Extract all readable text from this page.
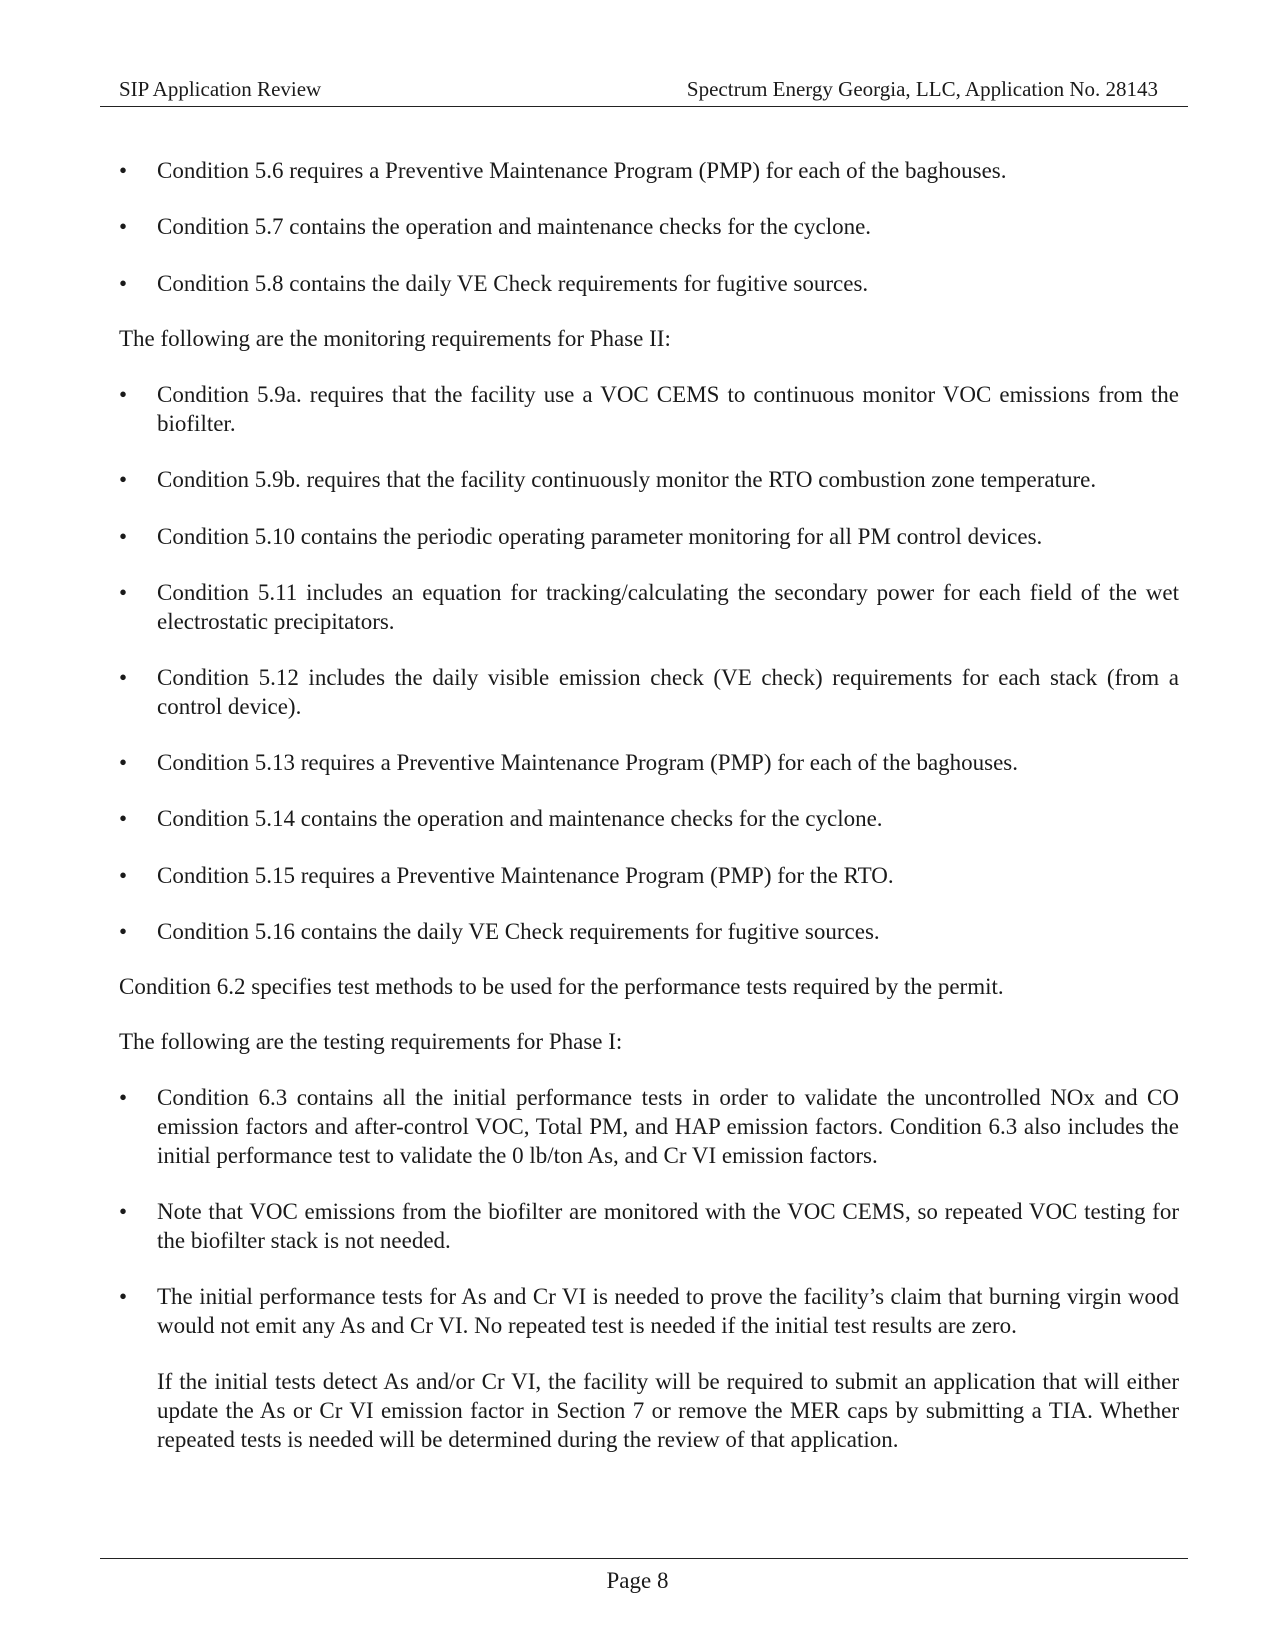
SIP Application Review	Spectrum Energy Georgia, LLC, Application No. 28143
•	Condition 5.6 requires a Preventive Maintenance Program (PMP) for each of the baghouses.
•	Condition 5.7 contains the operation and maintenance checks for the cyclone.
•	Condition 5.8 contains the daily VE Check requirements for fugitive sources.

The following are the monitoring requirements for Phase II:

•	Condition 5.9a. requires that the facility use a VOC CEMS to continuous monitor VOC emissions from the biofilter.
•	Condition 5.9b. requires that the facility continuously monitor the RTO combustion zone temperature.
•	Condition 5.10 contains the periodic operating parameter monitoring for all PM control devices.
•	Condition 5.11 includes an equation for tracking/calculating the secondary power for each field of the wet electrostatic precipitators.
•	Condition 5.12 includes the daily visible emission check (VE check) requirements for each stack (from a control device).
•	Condition 5.13 requires a Preventive Maintenance Program (PMP) for each of the baghouses.
•	Condition 5.14 contains the operation and maintenance checks for the cyclone.
•	Condition 5.15 requires a Preventive Maintenance Program (PMP) for the RTO.
•	Condition 5.16 contains the daily VE Check requirements for fugitive sources.

Condition 6.2 specifies test methods to be used for the performance tests required by the permit.

The following are the testing requirements for Phase I:

•	Condition 6.3 contains all the initial performance tests in order to validate the uncontrolled NOx and CO emission factors and after-control VOC, Total PM, and HAP emission factors. Condition 6.3 also includes the initial performance test to validate the 0 lb/ton As, and Cr VI emission factors.
•	Note that VOC emissions from the biofilter are monitored with the VOC CEMS, so repeated VOC testing for the biofilter stack is not needed.
•	The initial performance tests for As and Cr VI is needed to prove the facility’s claim that burning virgin wood would not emit any As and Cr VI. No repeated test is needed if the initial test results are zero.

If the initial tests detect As and/or Cr VI, the facility will be required to submit an application that will either update the As or Cr VI emission factor in Section 7 or remove the MER caps by submitting a TIA. Whether repeated tests is needed will be determined during the review of that application.

Page 8
